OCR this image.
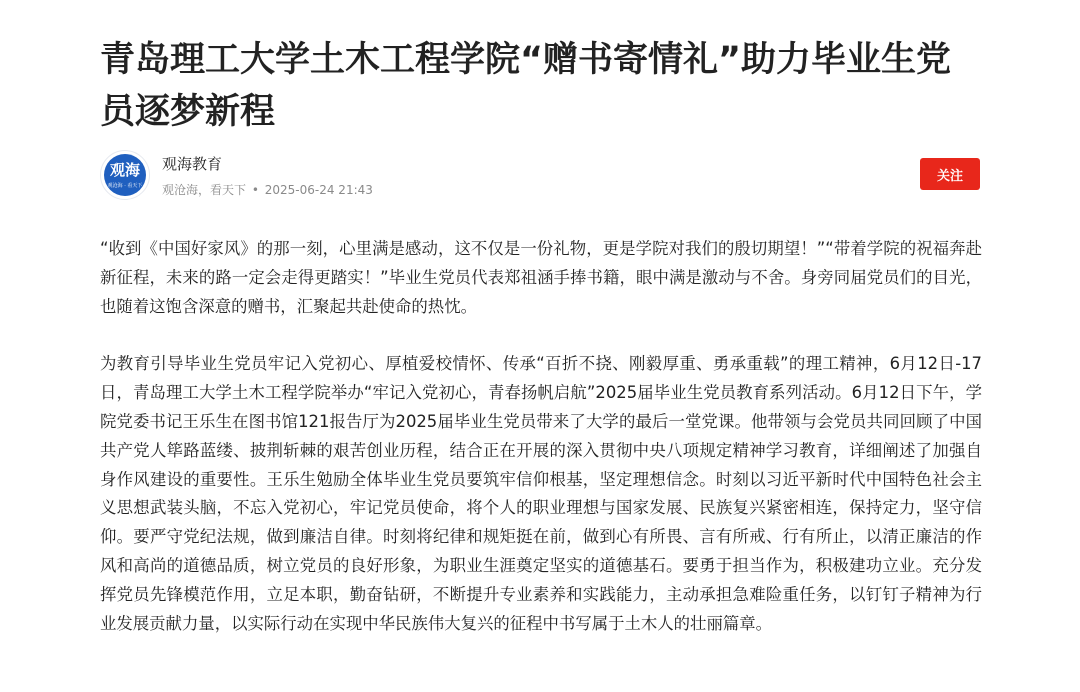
青岛理工大学土木工程学院“赠书寄情礼”助力毕业生党员逐梦新程
观海
观沧海 · 看天下
观海教育
观沧海，看天下 • 2025-06-24 21:43
关注

“收到《中国好家风》的那一刻，心里满是感动，这不仅是一份礼物，更是学院对我们的殷切期望！”“带着学院的祝福奔赴新征程，未来的路一定会走得更踏实！”毕业生党员代表郑祖涵手捧书籍，眼中满是激动与不舍。身旁同届党员们的目光，也随着这饱含深意的赠书，汇聚起共赴使命的热忱。

为教育引导毕业生党员牢记入党初心、厚植爱校情怀、传承“百折不挠、刚毅厚重、勇承重载”的理工精神，6月12日-17日，青岛理工大学土木工程学院举办“牢记入党初心，青春扬帆启航”2025届毕业生党员教育系列活动。6月12日下午，学院党委书记王乐生在图书馆121报告厅为2025届毕业生党员带来了大学的最后一堂党课。他带领与会党员共同回顾了中国共产党人筚路蓝缕、披荆斩棘的艰苦创业历程，结合正在开展的深入贯彻中央八项规定精神学习教育，详细阐述了加强自身作风建设的重要性。王乐生勉励全体毕业生党员要筑牢信仰根基，坚定理想信念。时刻以习近平新时代中国特色社会主义思想武装头脑，不忘入党初心，牢记党员使命，将个人的职业理想与国家发展、民族复兴紧密相连，保持定力，坚守信仰。要严守党纪法规，做到廉洁自律。时刻将纪律和规矩挺在前，做到心有所畏、言有所戒、行有所止，以清正廉洁的作风和高尚的道德品质，树立党员的良好形象，为职业生涯奠定坚实的道德基石。要勇于担当作为，积极建功立业。充分发挥党员先锋模范作用，立足本职，勤奋钻研，不断提升专业素养和实践能力，主动承担急难险重任务，以钉钉子精神为行业发展贡献力量，以实际行动在实现中华民族伟大复兴的征程中书写属于土木人的壮丽篇章。
